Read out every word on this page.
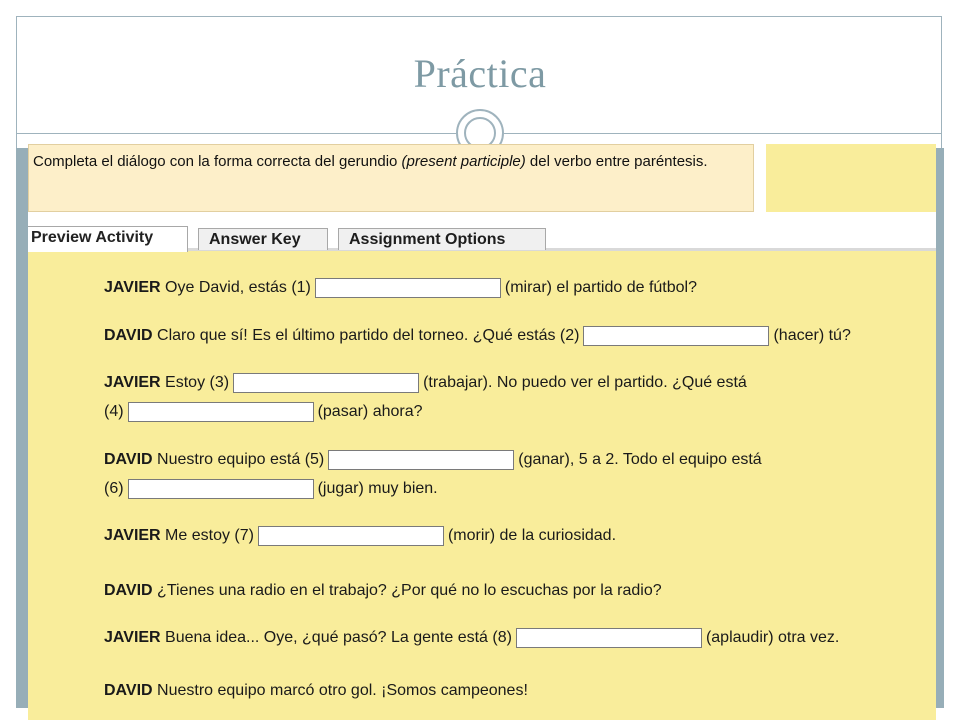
Práctica
Completa el diálogo con la forma correcta del gerundio (present participle) del verbo entre paréntesis.
Preview Activity	Answer Key	Assignment Options
JAVIER Oye David, estás (1)	(mirar) el partido de fútbol?
DAVID Claro que sí! Es el último partido del torneo. ¿Qué estás (2)	(hacer) tú?
JAVIER Estoy (3)	(trabajar). No puedo ver el partido. ¿Qué está
(4)	(pasar) ahora?
DAVID Nuestro equipo está (5)	(ganar), 5 a 2. Todo el equipo está
(6)	(jugar) muy bien.
JAVIER Me estoy (7)	(morir) de la curiosidad.
DAVID ¿Tienes una radio en el trabajo? ¿Por qué no lo escuchas por la radio?
JAVIER Buena idea... Oye, ¿qué pasó? La gente está (8)	(aplaudir) otra vez.
DAVID Nuestro equipo marcó otro gol. ¡Somos campeones!
